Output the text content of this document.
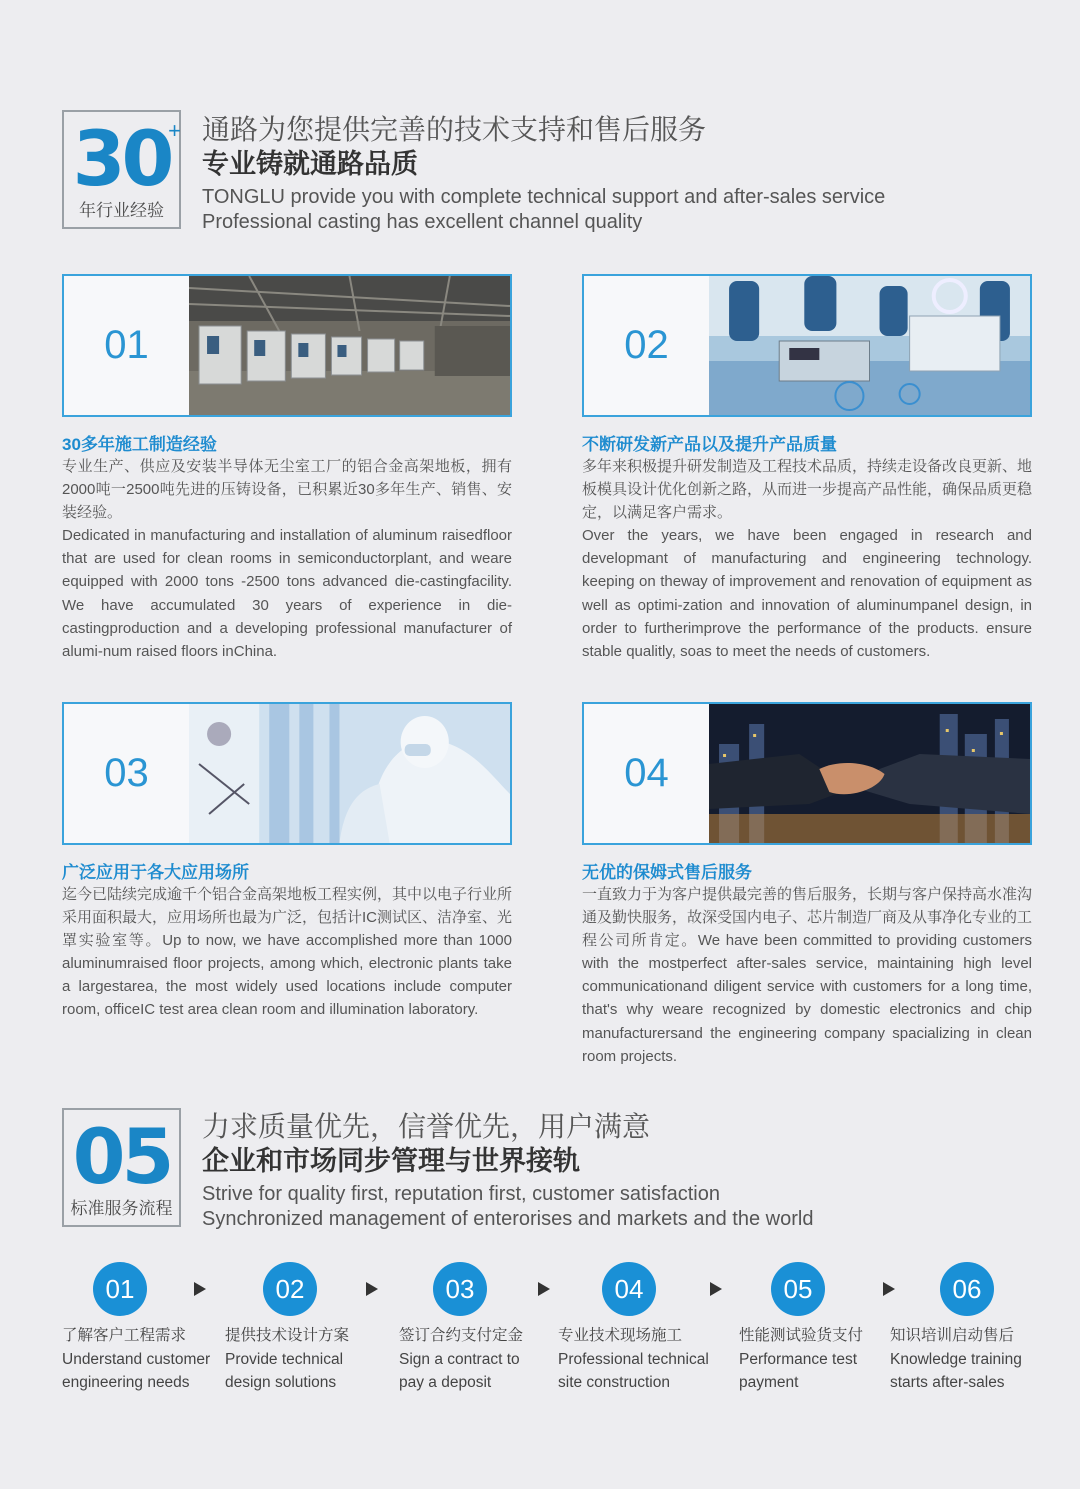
30
+
年行业经验
通路为您提供完善的技术支持和售后服务
专业铸就通路品质
TONGLU provide you with complete technical support and after-sales service
Professional casting has excellent channel quality
01
30多年施工制造经验
专业生产、供应及安装半导体无尘室工厂的铝合金高架地板，拥有2000吨一2500吨先进的压铸设备，已积累近30多年生产、销售、安装经验。
Dedicated in manufacturing and installation of aluminum raisedfloor that are used for clean rooms in semiconductorplant, and weare equipped with 2000 tons -2500 tons advanced die-castingfacility. We have accumulated 30 years of experience in die-castingproduction and a developing professional manufacturer of alumi-num raised floors inChina.
02
不断研发新产品以及提升产品质量
多年来积极提升研发制造及工程技术品质，持续走设备改良更新、地板模具设计优化创新之路，从而进一步提高产品性能，确保品质更稳定，以满足客户需求。
Over the years, we have been engaged in research and developmant of manufacturing and engineering technology. keeping on theway of improvement and renovation of equipment as well as optimi-zation and innovation of aluminumpanel design, in order to furtherimprove the performance of the products. ensure stable qualitly, soas to meet the needs of customers.
03
广泛应用于各大应用场所
迄今已陆续完成逾千个铝合金高架地板工程实例，其中以电子行业所采用面积最大，应用场所也最为广泛，包括计IC测试区、洁净室、光罩实验室等。Up to now, we have accomplished more than 1000 aluminumraised floor projects, among which, electronic plants take a largestarea, the most widely used locations include computer room, officeIC test area clean room and illumination laboratory.
04
无优的保姆式售后服务
一直致力于为客户提供最完善的售后服务，长期与客户保持高水准沟通及勤快服务，故深受国内电子、芯片制造厂商及从事净化专业的工程公司所肯定。We have been committed to providing customers with the mostperfect after-sales service, maintaining high level communicationand diligent service with customers for a long time, that's why weare recognized by domestic electronics and chip manufacturersand the engineering company spacializing in clean room projects.
05
标准服务流程
力求质量优先，信誉优先，用户满意
企业和市场同步管理与世界接轨
Strive for quality first, reputation first, customer satisfaction
Synchronized management of enterorises and markets and the world
01
了解客户工程需求
Understand customer
engineering needs
02
提供技术设计方案
Provide technical
design solutions
03
签订合约支付定金
Sign a contract to
pay a deposit
04
专业技术现场施工
Professional technical
site construction
05
性能测试验货支付
Performance test
payment
06
知识培训启动售后
Knowledge training
starts after-sales
